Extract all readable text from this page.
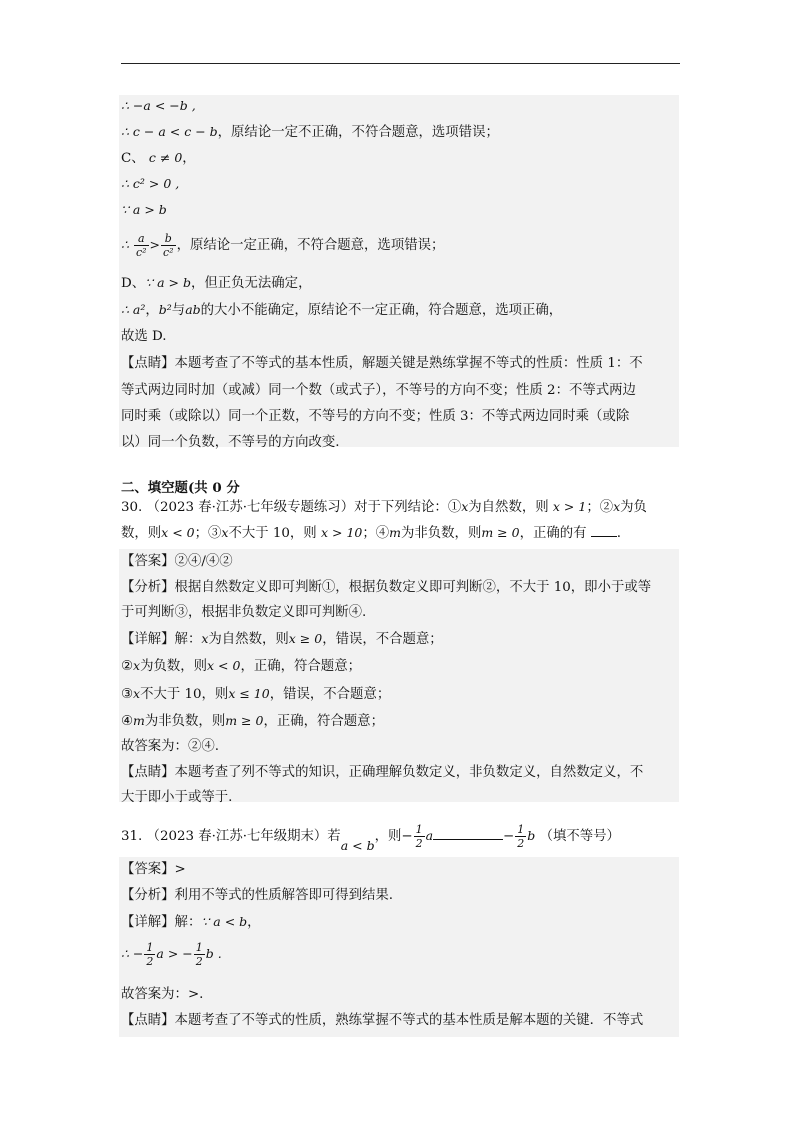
∴ −a < −b ,
∴ c − a < c − b，原结论一定不正确，不符合题意，选项错误；
C、 c ≠ 0，
∴ c² > 0 ,
∵ a > b
∴ $\frac{a}{\text{c²}} > \frac{b}{\text{c²}}$ ，原结论一定正确，不符合题意，选项错误；
D、∵ a > b，但正负无法确定，
∴ a²，b²与ab的大小不能确定，原结论不一定正确，符合题意，选项正确，
故选 D.
【点睛】本题考查了不等式的基本性质，解题关键是熟练掌握不等式的性质：性质 1：不
等式两边同时加（或减）同一个数（或式子），不等号的方向不变；性质 2：不等式两边
同时乘（或除以）同一个正数，不等号的方向不变；性质 3：不等式两边同时乘（或除
以）同一个负数，不等号的方向改变.
二、填空题(共 0 分
30. （2023 春·江苏·七年级专题练习）对于下列结论：①x为自然数，则 x > 1；②x为负
数，则x < 0；③x不大于 10，则 x > 10；④m为非负数，则m ≥ 0，正确的有 .
【答案】②④/④②
【分析】根据自然数定义即可判断①，根据负数定义即可判断②，不大于 10，即小于或等
于可判断③，根据非负数定义即可判断④.
【详解】解：x为自然数，则x ≥ 0，错误，不合题意；
②x为负数，则x < 0，正确，符合题意；
③x不大于 10，则x ≤ 10，错误，不合题意；
④m为非负数，则m ≥ 0，正确，符合题意；
故答案为：②④.
【点睛】本题考查了列不等式的知识，正确理解负数定义，非负数定义，自然数定义，不
大于即小于或等于.
31. （2023 春·江苏·七年级期末）若a < b，则− $\frac{1}{2}$ a	− $\frac{1}{2}$ b （填不等号）
【答案】>
【分析】利用不等式的性质解答即可得到结果.
【详解】解：∵ a < b，
∴ − $\frac{1}{2}$ a > − $\frac{1}{2}$ b .
故答案为：>.
【点睛】本题考查了不等式的性质，熟练掌握不等式的基本性质是解本题的关键．不等式
